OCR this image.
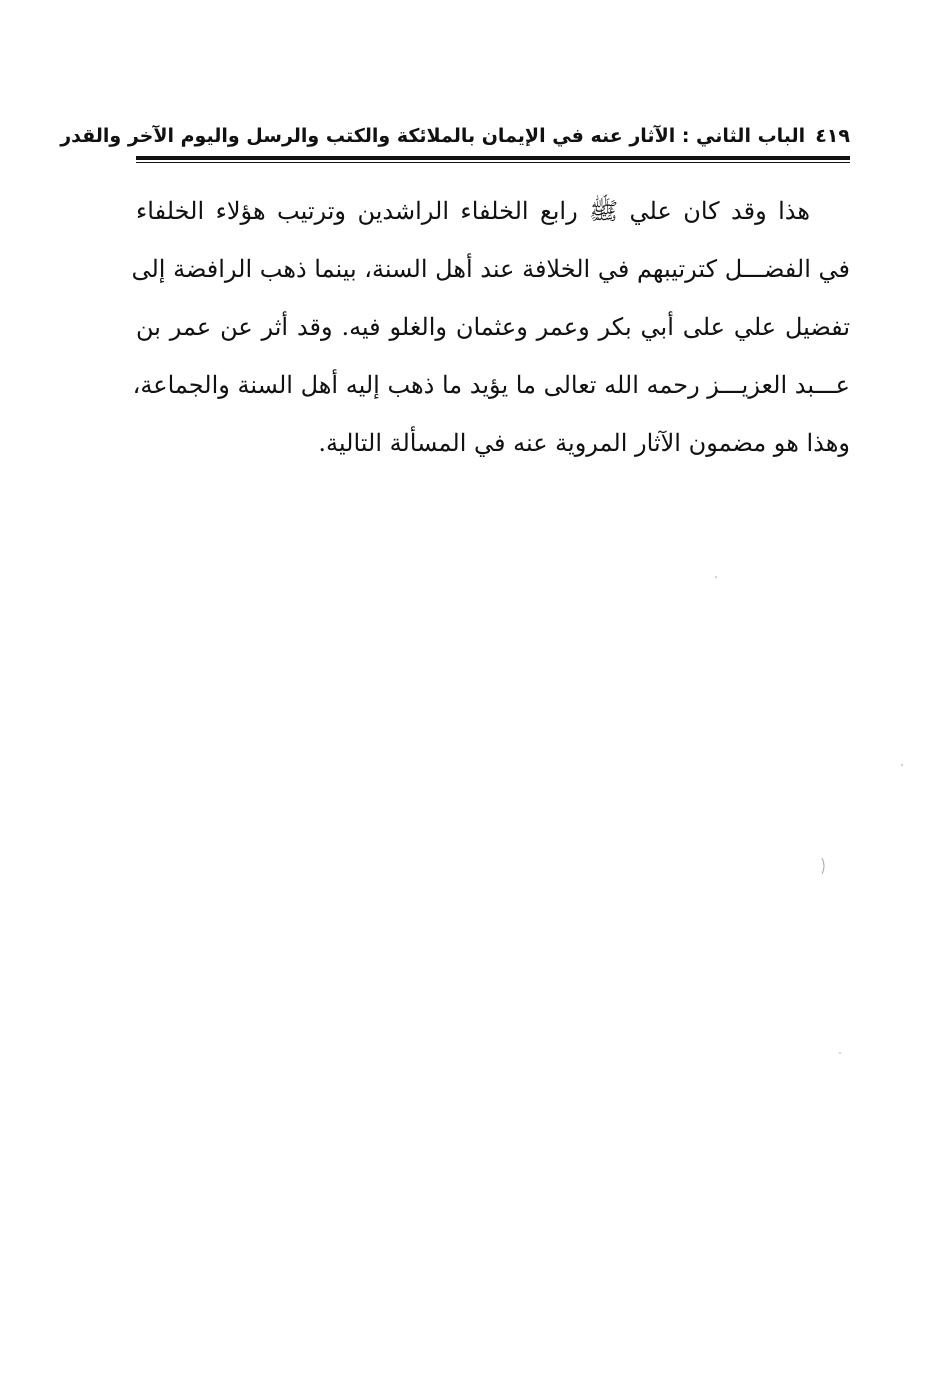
٤١٩
الباب الثاني : الآثار عنه في الإيمان بالملائكة والكتب والرسل واليوم الآخر والقدر
هذا وقد كان علي ﷺ رابع الخلفاء الراشدين وترتيب هؤلاء الخلفاء
في الفضـــل كترتيبهم في الخلافة عند أهل السنة، بينما ذهب الرافضة إلى
تفضيل علي على أبي بكر وعمر وعثمان والغلو فيه. وقد أثر عن عمر بن
عـــبد العزيـــز رحمه الله تعالى ما يؤيد ما ذهب إليه أهل السنة والجماعة،
وهذا هو مضمون الآثار المروية عنه في المسألة التالية.
